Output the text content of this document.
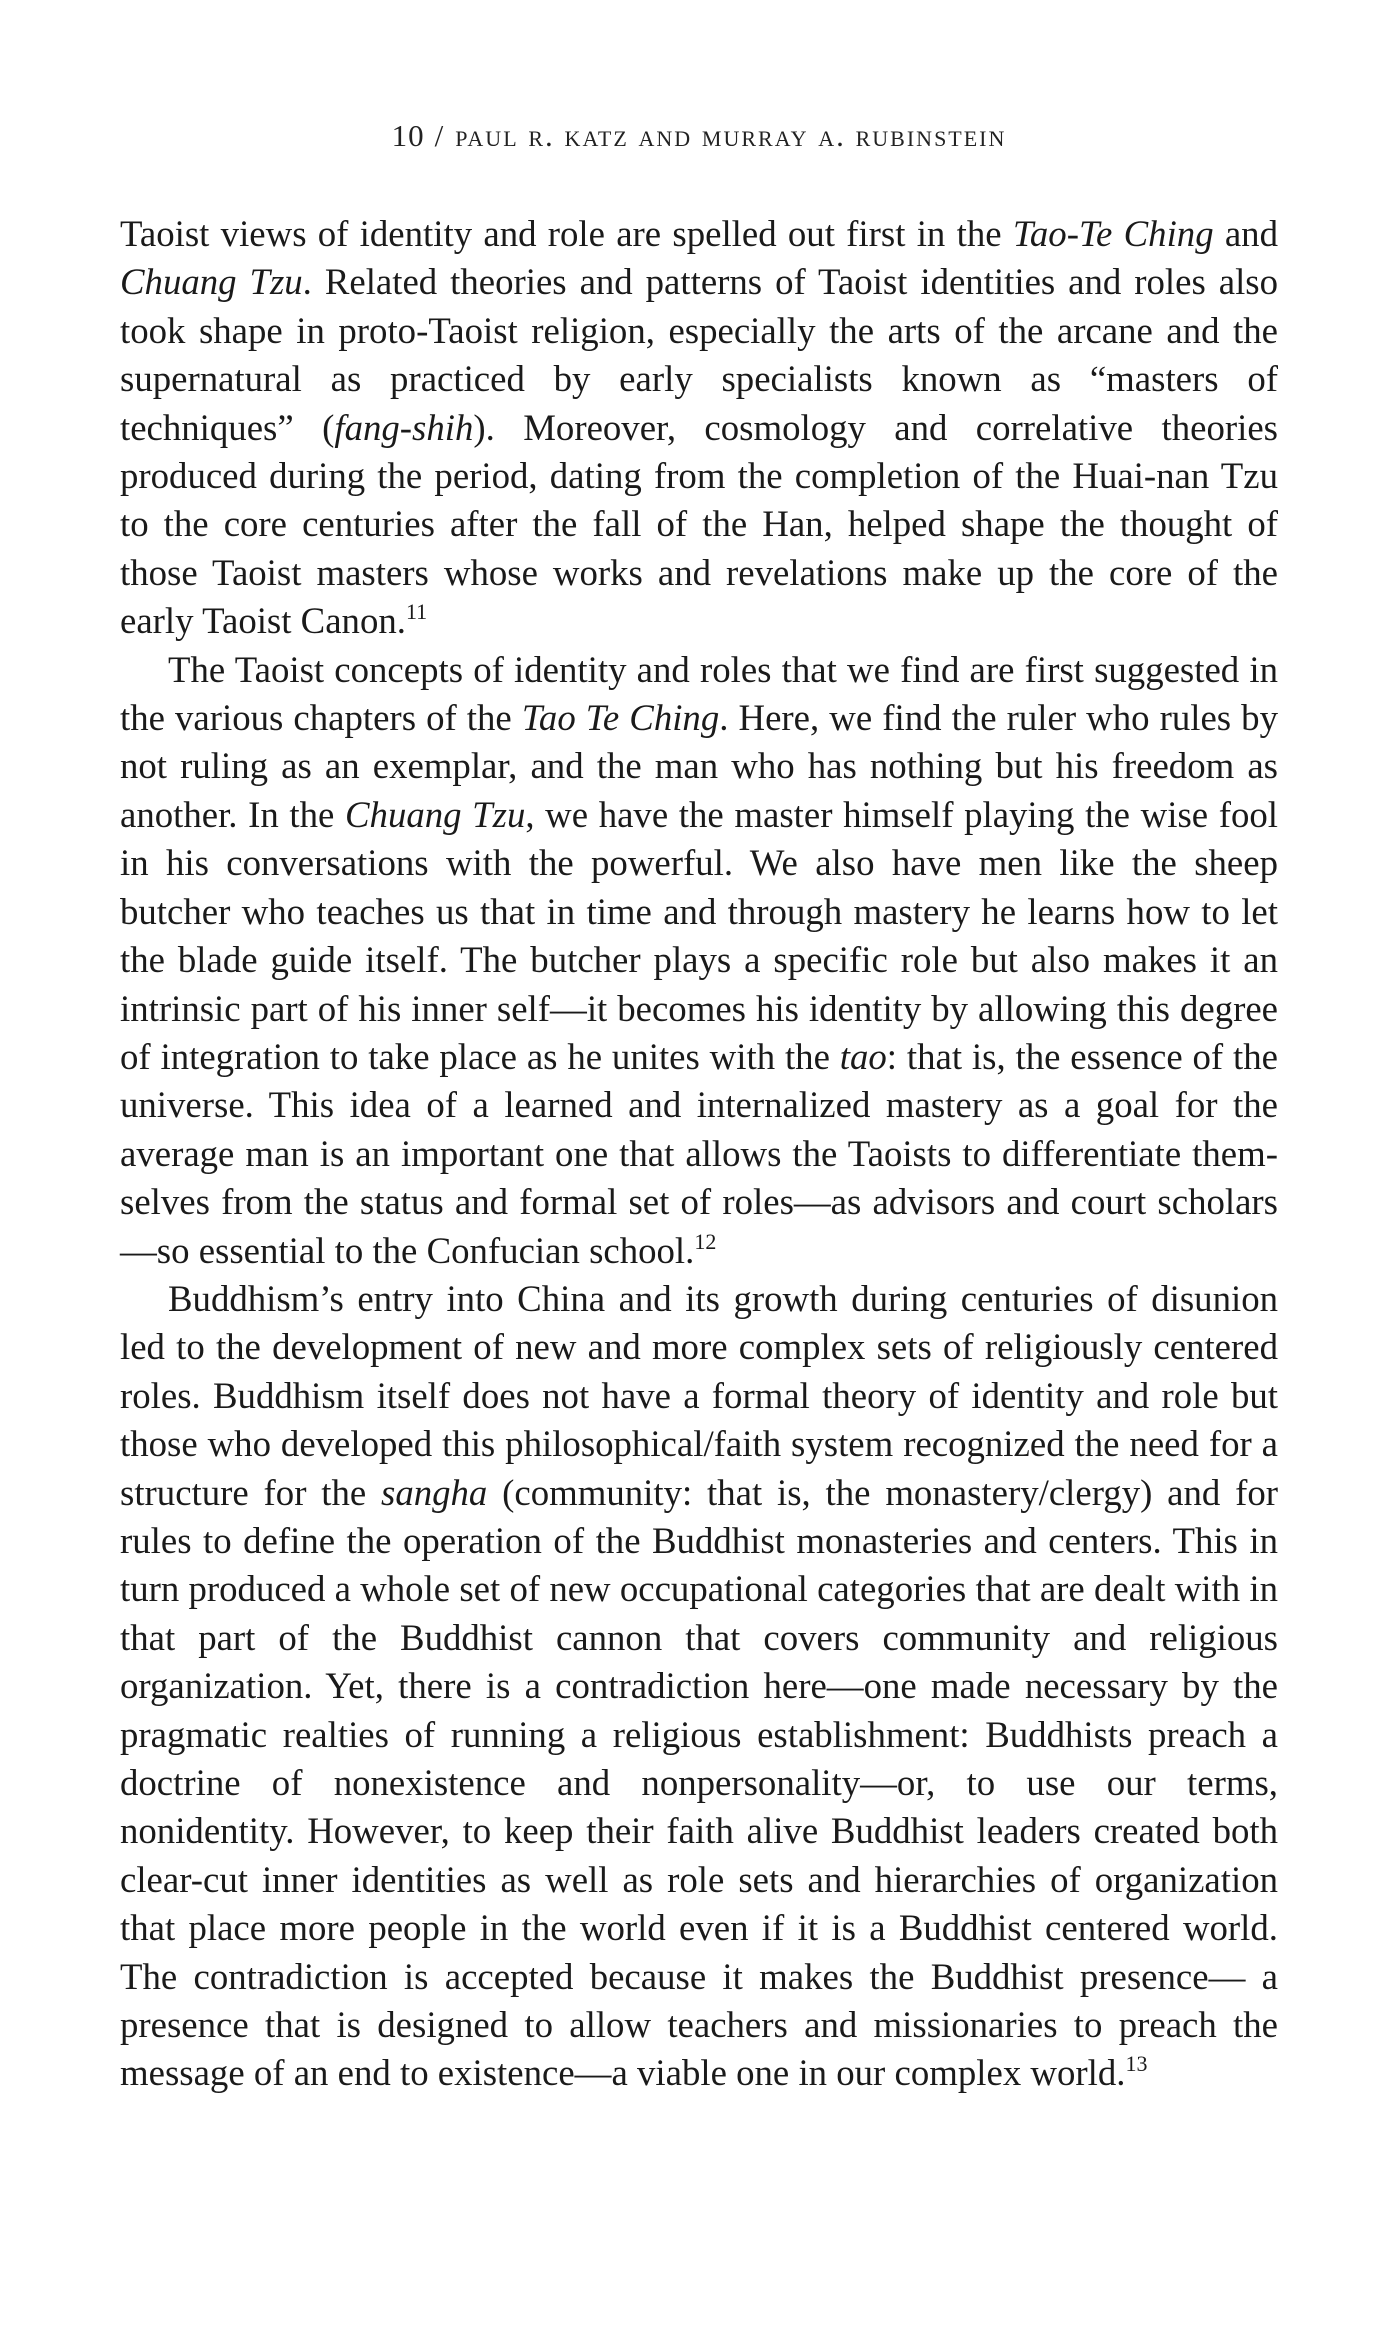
10 / paul r. katz and murray a. rubinstein

Taoist views of identity and role are spelled out first in the Tao-Te Ching and Chuang Tzu. Related theories and patterns of Taoist identities and roles also took shape in proto-Taoist religion, especially the arts of the arcane and the supernatural as practiced by early specialists known as “masters of techniques” (fang-shih). Moreover, cosmology and correlative theories produced during the period, dating from the completion of the Huai-nan Tzu to the core centuries after the fall of the Han, helped shape the thought of those Taoist masters whose works and revelations make up the core of the early Taoist Canon.$^{11}$

The Taoist concepts of identity and roles that we find are first suggested in the various chapters of the Tao Te Ching. Here, we find the ruler who rules by not ruling as an exemplar, and the man who has nothing but his freedom as another. In the Chuang Tzu, we have the master himself playing the wise fool in his conversations with the powerful. We also have men like the sheep butcher who teaches us that in time and through mastery he learns how to let the blade guide itself. The butcher plays a specific role but also makes it an intrinsic part of his inner self—it becomes his identity by allowing this degree of integration to take place as he unites with the tao: that is, the essence of the universe. This idea of a learned and internalized mastery as a goal for the average man is an important one that allows the Taoists to differentiate themselves from the status and formal set of roles—as advisors and court scholars—so essential to the Confucian school.$^{12}$

Buddhism’s entry into China and its growth during centuries of disunion led to the development of new and more complex sets of religiously centered roles. Buddhism itself does not have a formal theory of identity and role but those who developed this philosophical/faith system recognized the need for a structure for the sangha (community: that is, the monastery/clergy) and for rules to define the operation of the Buddhist monasteries and centers. This in turn produced a whole set of new occupational categories that are dealt with in that part of the Buddhist cannon that covers community and religious organization. Yet, there is a contradiction here—one made necessary by the pragmatic realties of running a religious establishment: Buddhists preach a doctrine of nonexistence and nonpersonality—or, to use our terms, nonidentity. However, to keep their faith alive Buddhist leaders created both clear-cut inner identities as well as role sets and hierarchies of organization that place more people in the world even if it is a Buddhist centered world. The contradiction is accepted because it makes the Buddhist presence— a presence that is designed to allow teachers and missionaries to preach the message of an end to existence—a viable one in our complex world.$^{13}$
